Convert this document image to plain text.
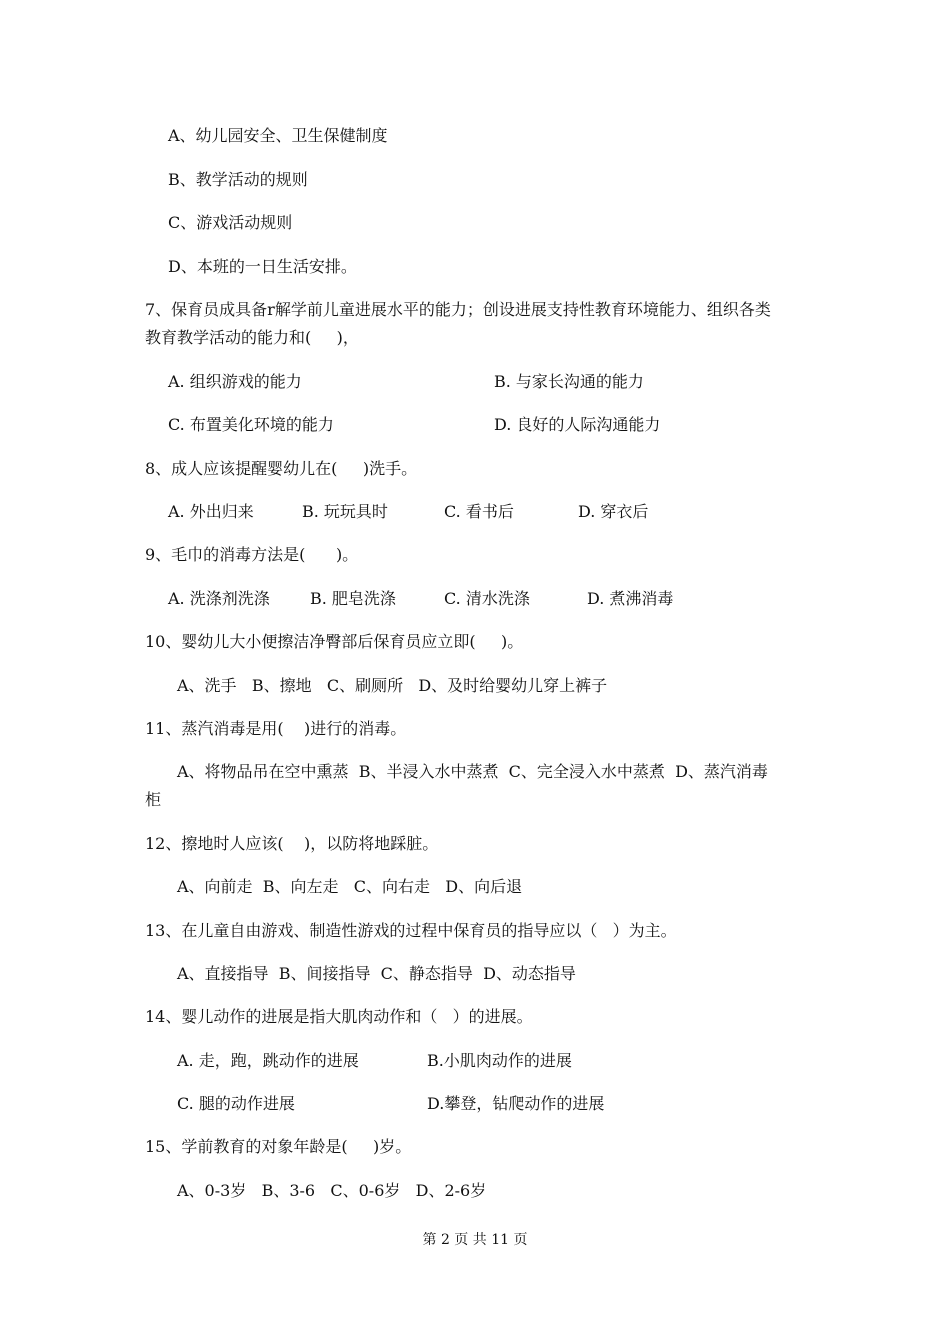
A、幼儿园安全、卫生保健制度
B、教学活动的规则
C、游戏活动规则
D、本班的一日生活安排。
7、保育员成具备r解学前儿童进展水平的能力；创设进展支持性教育环境能力、组织各类
教育教学活动的能力和(     )，
A. 组织游戏的能力	B. 与家长沟通的能力
C. 布置美化环境的能力	D. 良好的人际沟通能力
8、成人应该提醒婴幼儿在(     )洗手。
A. 外出归来	B. 玩玩具时	C. 看书后	D. 穿衣后
9、毛巾的消毒方法是(      )。
A. 洗涤剂洗涤	B. 肥皂洗涤	C. 清水洗涤	D. 煮沸消毒
10、婴幼儿大小便擦洁净臀部后保育员应立即(     )。
A、洗手   B、擦地   C、刷厕所   D、及时给婴幼儿穿上裤子
11、蒸汽消毒是用(    )进行的消毒。
A、将物品吊在空中熏蒸  B、半浸入水中蒸煮  C、完全浸入水中蒸煮  D、蒸汽消毒
柜
12、擦地时人应该(    )，以防将地踩脏。
A、向前走  B、向左走   C、向右走   D、向后退
13、在儿童自由游戏、制造性游戏的过程中保育员的指导应以（   ）为主。
A、直接指导  B、间接指导  C、静态指导  D、动态指导
14、婴儿动作的进展是指大肌肉动作和（   ）的进展。
A. 走，跑，跳动作的进展	B.小肌肉动作的进展
C. 腿的动作进展	D.攀登，钻爬动作的进展
15、学前教育的对象年龄是(     )岁。
A、0-3岁   B、3-6   C、0-6岁   D、2-6岁
第 2 页 共 11 页
